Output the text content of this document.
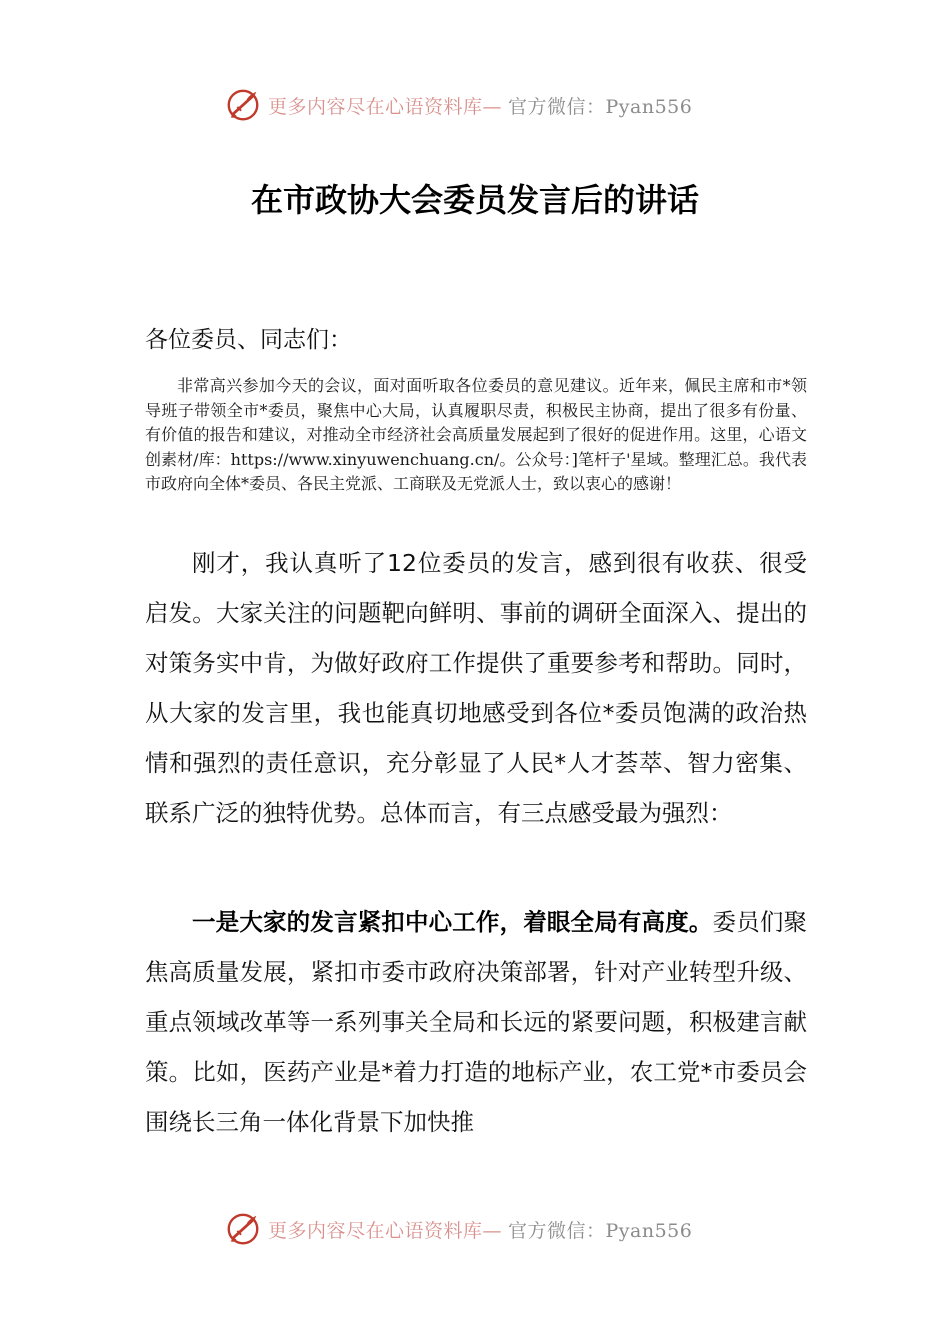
更多内容尽在心语资料库— 官方微信：Pyan556
在市政协大会委员发言后的讲话

各位委员、同志们：

非常高兴参加今天的会议，面对面听取各位委员的意见建议。近年来，佩民主席和市*领导班子带领全市*委员，聚焦中心大局，认真履职尽责，积极民主协商，提出了很多有份量、有价值的报告和建议，对推动全市经济社会高质量发展起到了很好的促进作用。这里，心语文创素材/库：https://www.xinyuwenchuang.cn/。公众号：]笔杆子'星域。整理汇总。我代表市政府向全体*委员、各民主党派、工商联及无党派人士，致以衷心的感谢！

刚才，我认真听了12位委员的发言，感到很有收获、很受启发。大家关注的问题靶向鲜明、事前的调研全面深入、提出的对策务实中肯，为做好政府工作提供了重要参考和帮助。同时，从大家的发言里，我也能真切地感受到各位*委员饱满的政治热情和强烈的责任意识，充分彰显了人民*人才荟萃、智力密集、联系广泛的独特优势。总体而言，有三点感受最为强烈：

一是大家的发言紧扣中心工作，着眼全局有高度。委员们聚焦高质量发展，紧扣市委市政府决策部署，针对产业转型升级、重点领域改革等一系列事关全局和长远的紧要问题，积极建言献策。比如，医药产业是*着力打造的地标产业，农工党*市委员会围绕长三角一体化背景下加快推

更多内容尽在心语资料库— 官方微信：Pyan556
